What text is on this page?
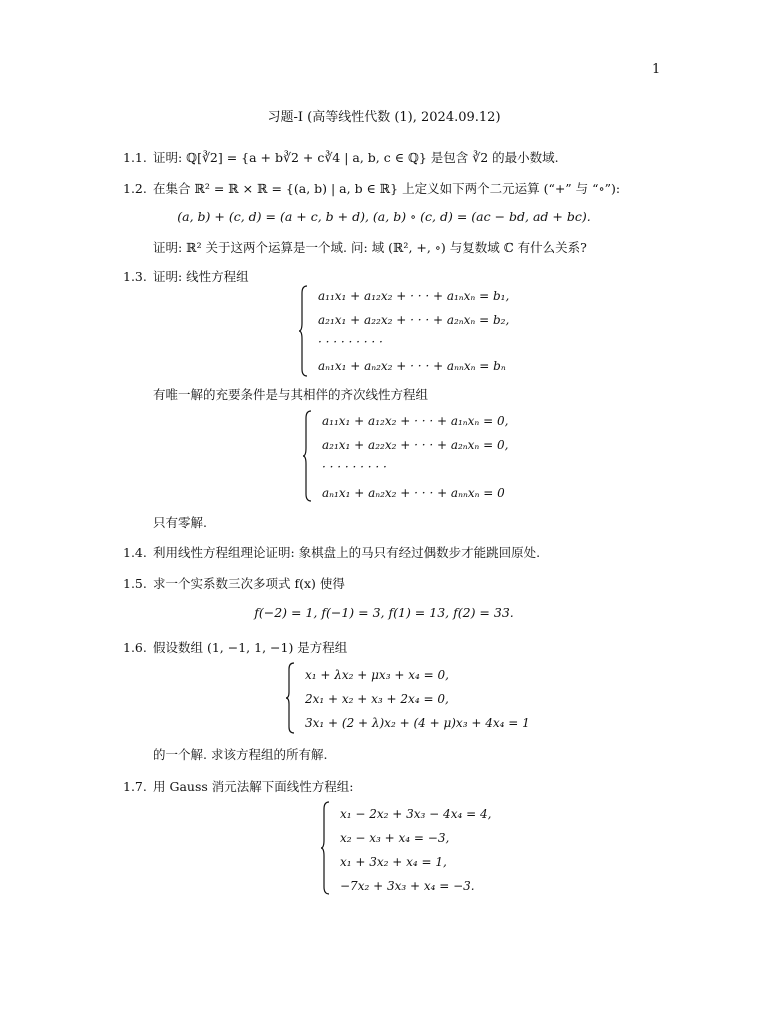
1
习题-I (高等线性代数 (1), 2024.09.12)
1.1. 证明: ℚ[∛2] = {a + b∛2 + c∛4 | a, b, c ∈ ℚ} 是包含 ∛2 的最小数域.
1.2. 在集合 ℝ² = ℝ × ℝ = {(a, b) | a, b ∈ ℝ} 上定义如下两个二元运算 (“+” 与 “∘”):
(a, b) + (c, d) = (a + c, b + d), (a, b) ∘ (c, d) = (ac − bd, ad + bc).
证明: ℝ² 关于这两个运算是一个域. 问: 域 (ℝ², +, ∘) 与复数域 ℂ 有什么关系?
1.3. 证明: 线性方程组
a₁₁x₁ + a₁₂x₂ + · · · + a₁ₙxₙ = b₁,
a₂₁x₁ + a₂₂x₂ + · · · + a₂ₙxₙ = b₂,
· · · · · · · · ·
aₙ₁x₁ + aₙ₂x₂ + · · · + aₙₙxₙ = bₙ
有唯一解的充要条件是与其相伴的齐次线性方程组
a₁₁x₁ + a₁₂x₂ + · · · + a₁ₙxₙ = 0,
a₂₁x₁ + a₂₂x₂ + · · · + a₂ₙxₙ = 0,
· · · · · · · · ·
aₙ₁x₁ + aₙ₂x₂ + · · · + aₙₙxₙ = 0
只有零解.
1.4. 利用线性方程组理论证明: 象棋盘上的马只有经过偶数步才能跳回原处.
1.5. 求一个实系数三次多项式 f(x) 使得
f(−2) = 1, f(−1) = 3, f(1) = 13, f(2) = 33.
1.6. 假设数组 (1, −1, 1, −1) 是方程组
x₁ + λx₂ + μx₃ + x₄ = 0,
2x₁ + x₂ + x₃ + 2x₄ = 0,
3x₁ + (2 + λ)x₂ + (4 + μ)x₃ + 4x₄ = 1
的一个解. 求该方程组的所有解.
1.7. 用 Gauss 消元法解下面线性方程组:
x₁ − 2x₂ + 3x₃ − 4x₄ = 4,
x₂ − x₃ + x₄ = −3,
x₁ + 3x₂ + x₄ = 1,
−7x₂ + 3x₃ + x₄ = −3.
